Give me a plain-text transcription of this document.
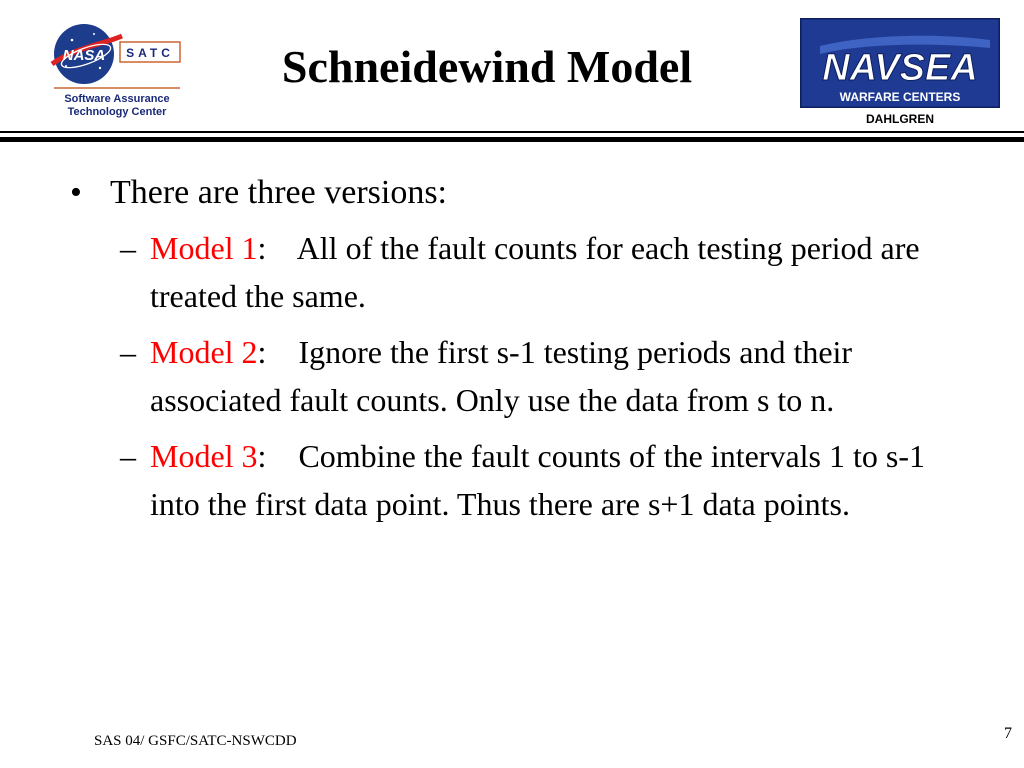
NASA SATC
Software Assurance
Technology Center
Schneidewind Model	NAVSEA
WARFARE CENTERS
DAHLGREN
• There are three versions:
– Model 1: All of the fault counts for each testing period are treated the same.
– Model 2: Ignore the first s-1 testing periods and their associated fault counts. Only use the data from s to n.
– Model 3: Combine the fault counts of the intervals 1 to s-1 into the first data point. Thus there are s+1 data points.
SAS 04/ GSFC/SATC-NSWCDD	7
